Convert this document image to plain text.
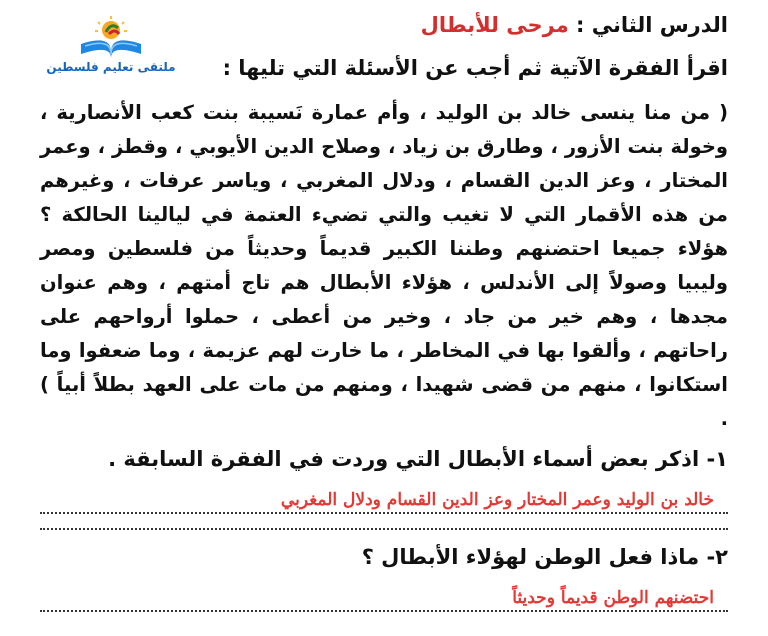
ملتقى تعليم فلسطين

الدرس الثاني : مرحى للأبطال

اقرأ الفقرة الآتية ثم أجب عن الأسئلة التي تليها :
( من منا ينسى خالد بن الوليد ، وأم عمارة نَسيبة بنت كعب الأنصارية ، وخولة بنت الأزور ، وطارق بن زياد ، وصلاح الدين الأيوبي ، وقطز ، وعمر المختار ، وعز الدين القسام ، ودلال المغربي ، وياسر عرفات ، وغيرهم من هذه الأقمار التي لا تغيب والتي تضيء العتمة في ليالينا الحالكة ؟ هؤلاء جميعا احتضنهم وطننا الكبير قديماً وحديثاً من فلسطين ومصر وليبيا وصولاً إلى الأندلس ، هؤلاء الأبطال هم تاج أمتهم ، وهم عنوان مجدها ، وهم خير من جاد ، وخير من أعطى ، حملوا أرواحهم على راحاتهم ، وألقوا بها في المخاطر ، ما خارت لهم عزيمة ، وما ضعفوا وما استكانوا ، منهم من قضى شهيدا ، ومنهم من مات على العهد بطلاً أبياً ) .
١- اذكر بعض أسماء الأبطال التي وردت في الفقرة السابقة .
خالد بن الوليد وعمر المختار وعز الدين القسام ودلال المغربي
٢- ماذا فعل الوطن لهؤلاء الأبطال ؟
احتضنهم الوطن قديماً وحديثاً
